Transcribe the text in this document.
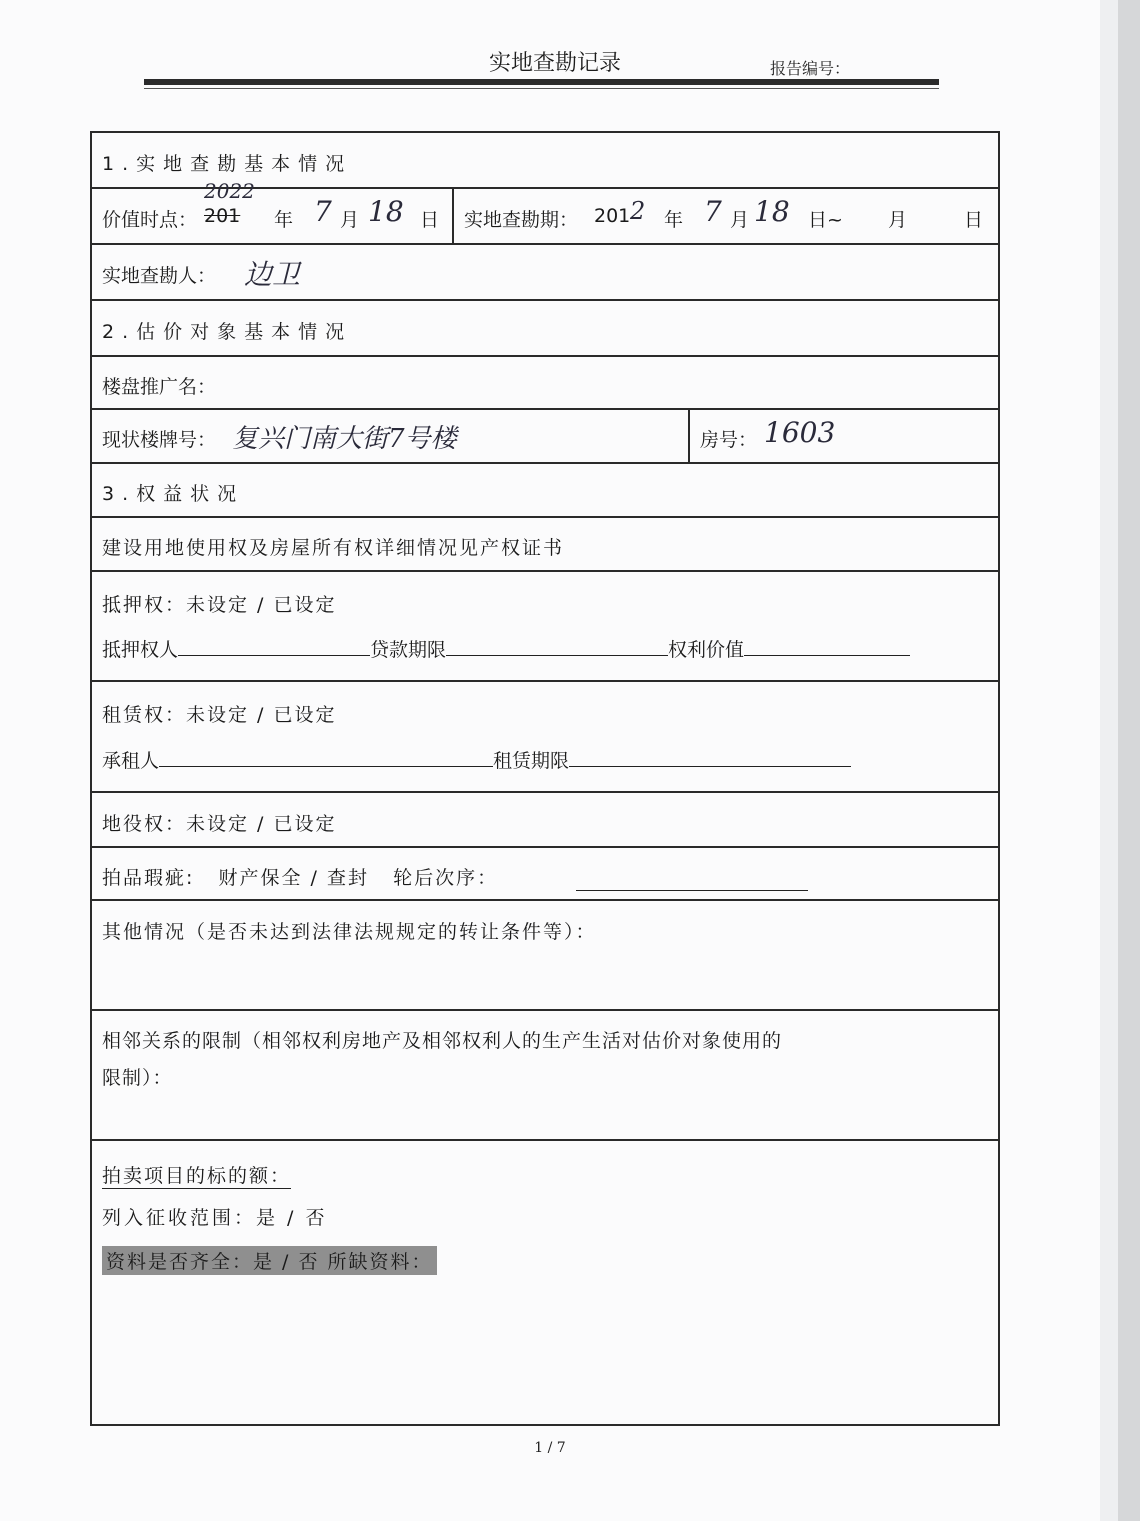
实地查勘记录	报告编号：
1.实地查勘基本情况
价值时点： 201
2022
年 7 月 18 日 实地查勘期： 201 2 年 7 月 18 日~ 月	日
实地查勘人： 边卫
2.估价对象基本情况
楼盘推广名：
现状楼牌号： 复兴门南大街7号楼	房号： 1603
3.权益状况
建设用地使用权及房屋所有权详细情况见产权证书
抵押权：未设定 / 已设定
抵押权人	贷款期限	权利价值
租赁权：未设定 / 已设定
承租人	租赁期限
地役权：未设定 / 已设定
拍品瑕疵:   财产保全 / 查封   轮后次序：
其他情况（是否未达到法律法规规定的转让条件等）：
相邻关系的限制（相邻权利房地产及相邻权利人的生产生活对估价对象使用的
限制）：
拍卖项目的标的额：
列入征收范围：是 / 否
资料是否齐全：是 / 否 所缺资料：
1 / 7
